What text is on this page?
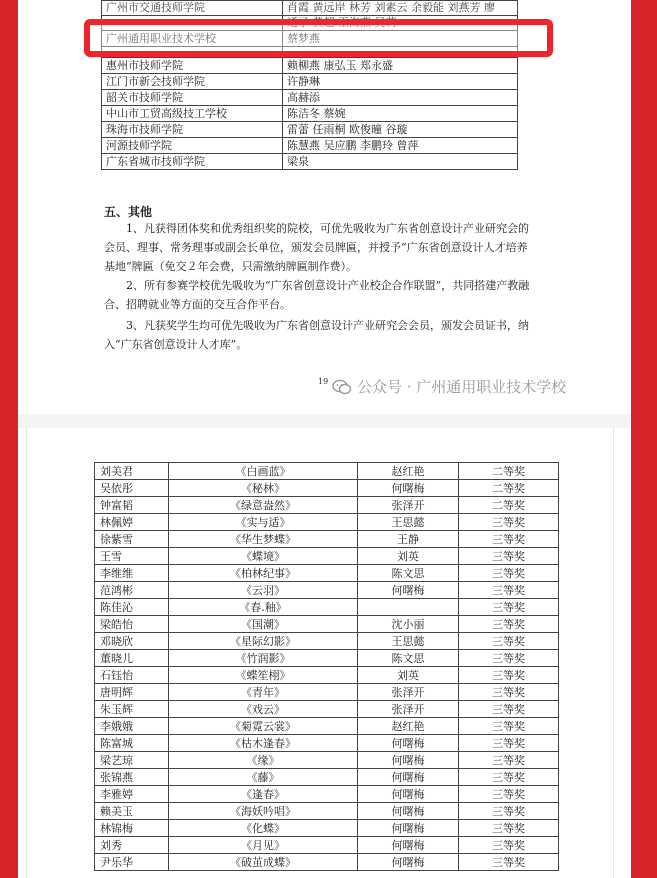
广州市交通技师学院	肖霞 黄远岸 林芳 刘素云 余毅能 刘燕芳 廖
	通子 黄超 王海燕 吴莉
广州通用职业技术学校	蔡梦燕

惠州市技师学院	赖柳燕 康弘玉 郑永盛
江门市新会技师学院	许静琳
韶关市技师学院	高赫添
中山市工贸高级技工学校	陈洁冬 蔡婉
珠海市技师学院	雷蕾 任雨桐 欧俊曈 谷璇
河源技师学院	陈慧燕 吴应鹏 李鹏玲 曾萍
广东省城市技师学院	梁泉
五、其他
1、凡获得团体奖和优秀组织奖的院校，可优先吸收为广东省创意设计产业研究会的会员、理事、常务理事或副会长单位，颁发会员牌匾，并授予“广东省创意设计人才培养基地”牌匾（免交２年会费，只需缴纳牌匾制作费）。
2、所有参赛学校优先吸收为“广东省创意设计产业校企合作联盟”，共同搭建产教融合、招聘就业等方面的交互合作平台。
3、凡获奖学生均可优先吸收为广东省创意设计产业研究会会员，颁发会员证书，纳入“广东省创意设计人才库”。
19 公众号 · 广州通用职业技术学校
刘美君	《白画蓝》	赵红艳	二等奖
吴依彤	《秘林》	何曙梅	二等奖
钟富韬	《绿意盎然》	张泽开	二等奖
林佩婷	《实与适》	王思懿	三等奖
徐紫雪	《华生梦蝶》	王静	三等奖
王雪	《蝶境》	刘英	三等奖
李维维	《柏林纪事》	陈文思	三等奖
范鸿彬	《云羽》	何曙梅	三等奖
陈佳沁	《春.釉》		三等奖
梁皓怡	《国潮》	沈小丽	三等奖
邓晓欣	《星际幻影》	王思懿	三等奖
董晓儿	《竹润影》	陈文思	三等奖
石钰怡	《蝶笙栩》	刘英	三等奖
唐明辉	《青年》	张泽开	三等奖
朱玉辉	《戏云》	张泽开	三等奖
李娥娥	《菊霓云裳》	赵红艳	三等奖
陈富城	《枯木逢春》	何曙梅	三等奖
梁艺琼	《缘》	何曙梅	三等奖
张锦燕	《藤》	何曙梅	三等奖
李雅婷	《逢春》	何曙梅	三等奖
赖美玉	《海妖吟唱》	何曙梅	三等奖
林锦梅	《化蝶》	何曙梅	三等奖
刘秀	《月见》	何曙梅	三等奖
尹乐华	《破茧成蝶》	何曙梅	三等奖
